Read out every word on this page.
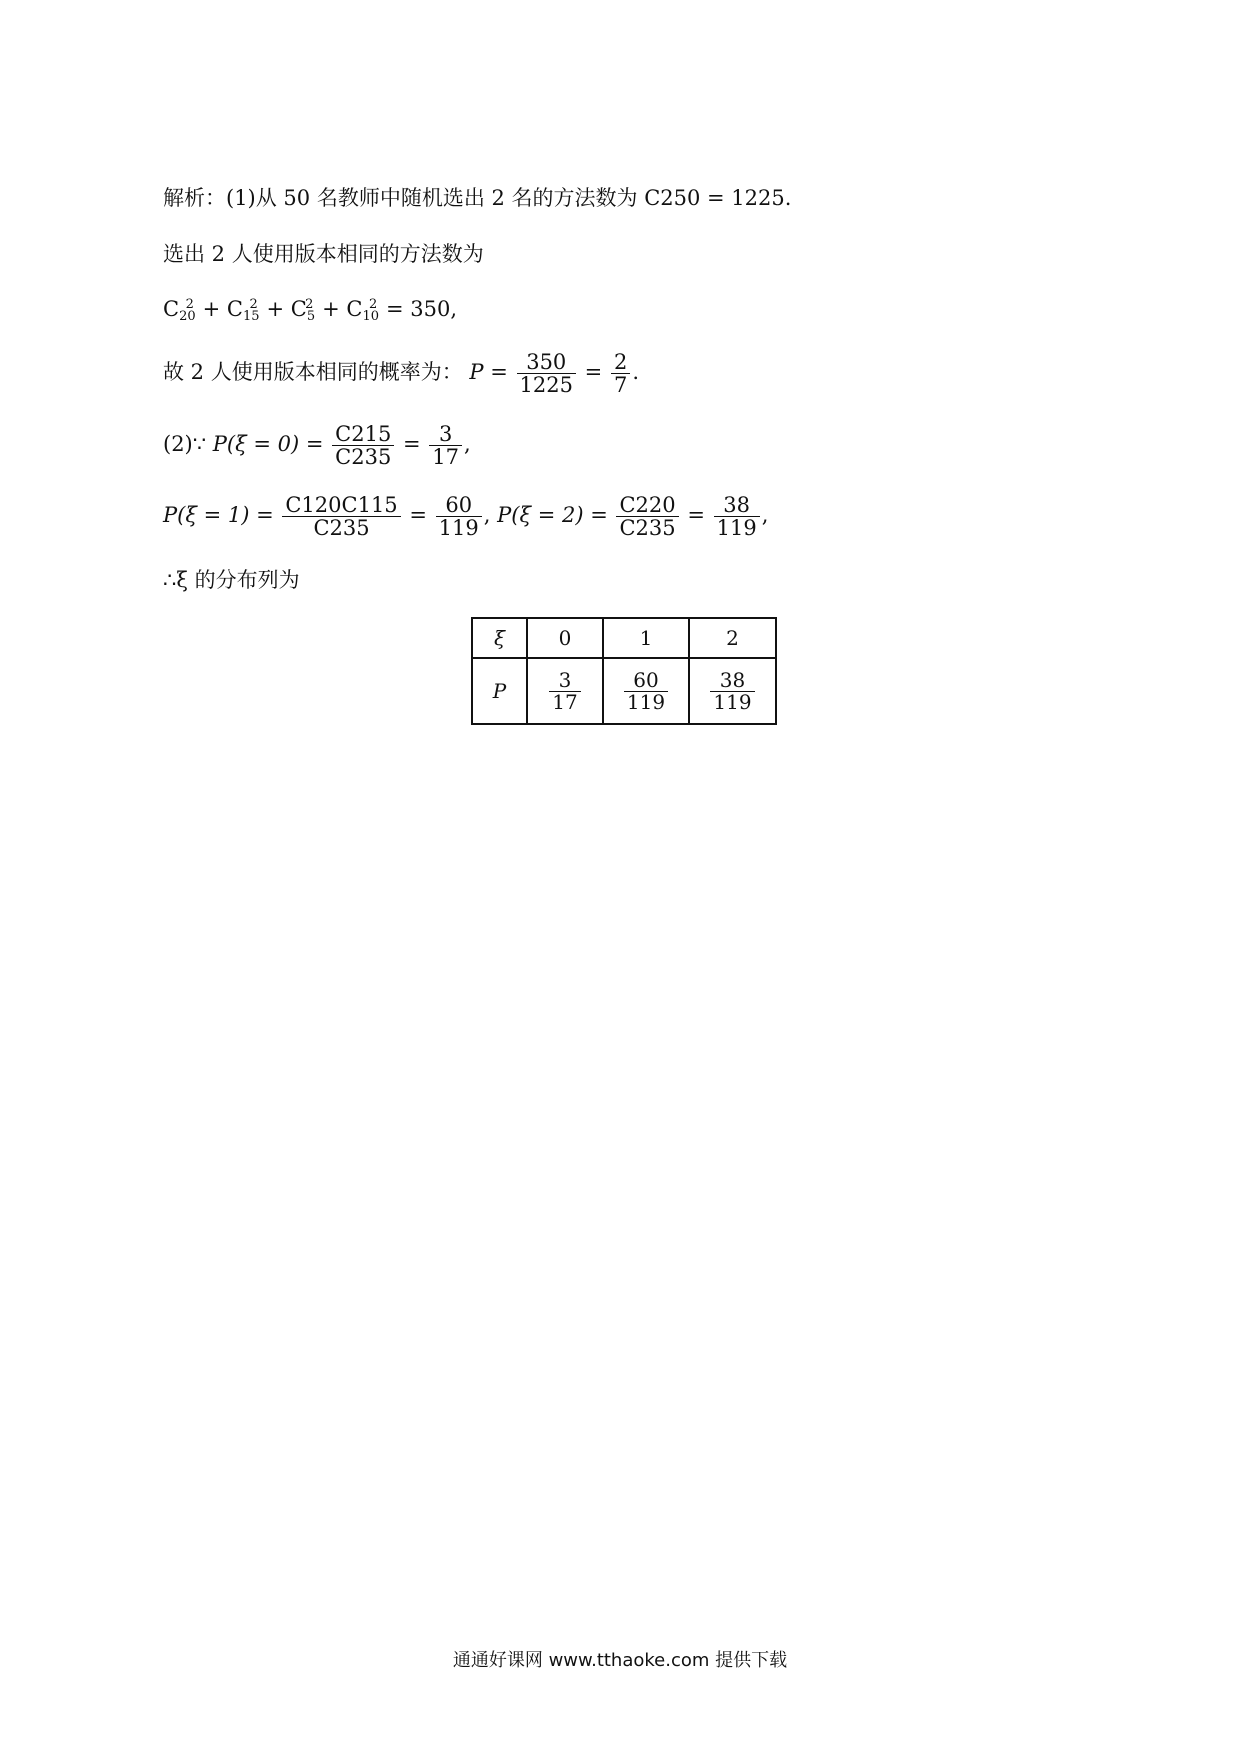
解析：(1)从 50 名教师中随机选出 2 名的方法数为 C250 = 1225.
选出 2 人使用版本相同的方法数为
$C_{20}^2 + C_{15}^2 + C_5^2 + C_{10}^2 = 350$,
故 2 人使用版本相同的概率为： $P = \frac{350}{1225} = \frac{2}{7}$ .
(2)∵ $P(\xi = 0) = \frac{C215}{C235} = \frac{3}{17}$ ,
$P(\xi = 1) = \frac{C120C115}{C235} = \frac{60}{119}$ , $P(\xi = 2) = \frac{C220}{C235} = \frac{38}{119}$ ,
∴ξ 的分布列为
ξ	0	1	2
P	$\frac{3}{17}$	$\frac{60}{119}$	$\frac{38}{119}$
通通好课网 www.tthaoke.com 提供下载
